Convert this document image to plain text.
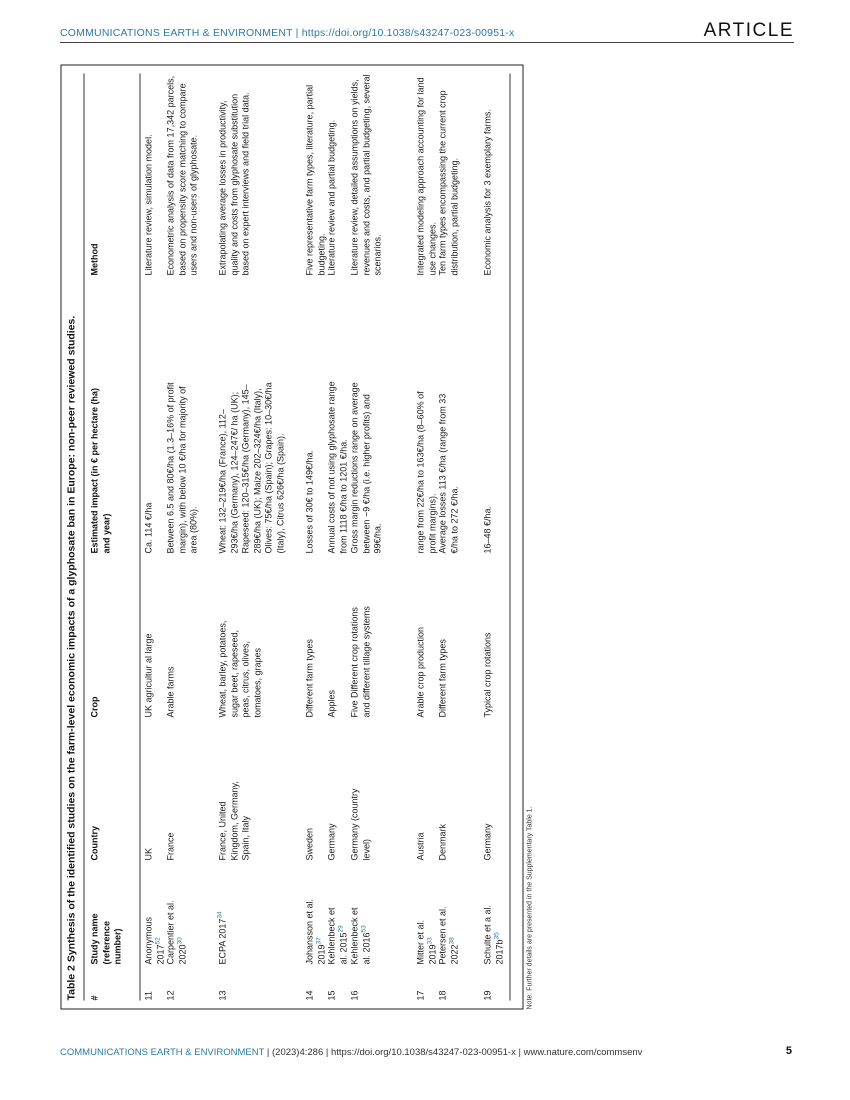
COMMUNICATIONS EARTH & ENVIRONMENT | https://doi.org/10.1038/s43247-023-00951-x	ARTICLE
Table 2 Synthesis of the identified studies on the farm-level economic impacts of a glyphosate ban in Europe: non-peer reviewed studies. #
Study name (reference number)
Country
Crop
Estimated impact (in € per hectare (ha) and year)
Method
11
Anonymous 2017$^{52}$
UK
UK agricultur al large
Ca. 114 €/ha
Literature review, simulation model.
12
Carpentier et al. 2020$^{30}$
France
Arable farms
Between 6.5 and 80€/ha (1.3–16% of profit margin), with below 10 €/ha for majority of area (80%).
Econometric analysis of data from 17,342 parcels, based on propensity score matching to compare users and non-users of glyphosate.
13
ECPA 2017$^{34}$
France, United Kingdom, Germany, Spain, Italy
Wheat, barley, potatoes, sugar beet, rapeseed, peas, citrus, olives, tomatoes, grapes
Wheat: 132–219€/ha (France), 112–293€/ha (Germany), 124–247€/ ha (UK); Rapeseed: 120–315€/ha (Germany), 145–289€/ha (UK); Maize 202–324€/ha (Italy), Olives: 75€/ha (Spain); Grapes: 10–30€/ha (Italy), Citrus 626€/ha (Spain).
Extrapolating average losses in productivity, quality and costs from glyphosate substitution based on expert interviews and field trial data.
14
Johansson et al. 2019$^{37}$
Sweden
Different farm types
Losses of 30€ to 149€/ha.
Five representative farm types, literature, partial budgeting.
15
Kehlenbeck et al. 2015$^{29}$
Germany
Apples
Annual costs of not using glyphosate range from 1118 €/ha to 1201 €/ha.
Literature review and partial budgeting.
16
Kehlenbeck et al. 2016$^{53}$
Germany (country level)
Five Different crop rotations and different tillage systems
Gross margin reductions range on average between −9 €/ha (i.e. higher profits) and 99€/ha.
Literature review, detailed assumptions on yields, revenues and costs, and partial budgeting, several scenarios.
17
Mitter et al. 2019$^{33}$
Austria
Arable crop production
range from 22€/ha to 163€/ha (8–60% of profit margins).
Integrated modeling approach accounting for land use changes.
18
Petersen et al. 2022$^{38}$
Denmark
Different farm types
Average losses 113 €/ha (range from 33 €/ha to 272 €/ha.
Ten farm types encompassing the current crop distribution, partial budgeting.
19
Schulte et a al. 2017b$^{35}$
Germany
Typical crop rotations
16–48 €/ha.
Economic analysis for 3 exemplary farms.
Note: Further details are presented in the Supplementary Table 1.
COMMUNICATIONS EARTH & ENVIRONMENT | (2023)4:286 | https://doi.org/10.1038/s43247-023-00951-x | www.nature.com/commsenv	5
